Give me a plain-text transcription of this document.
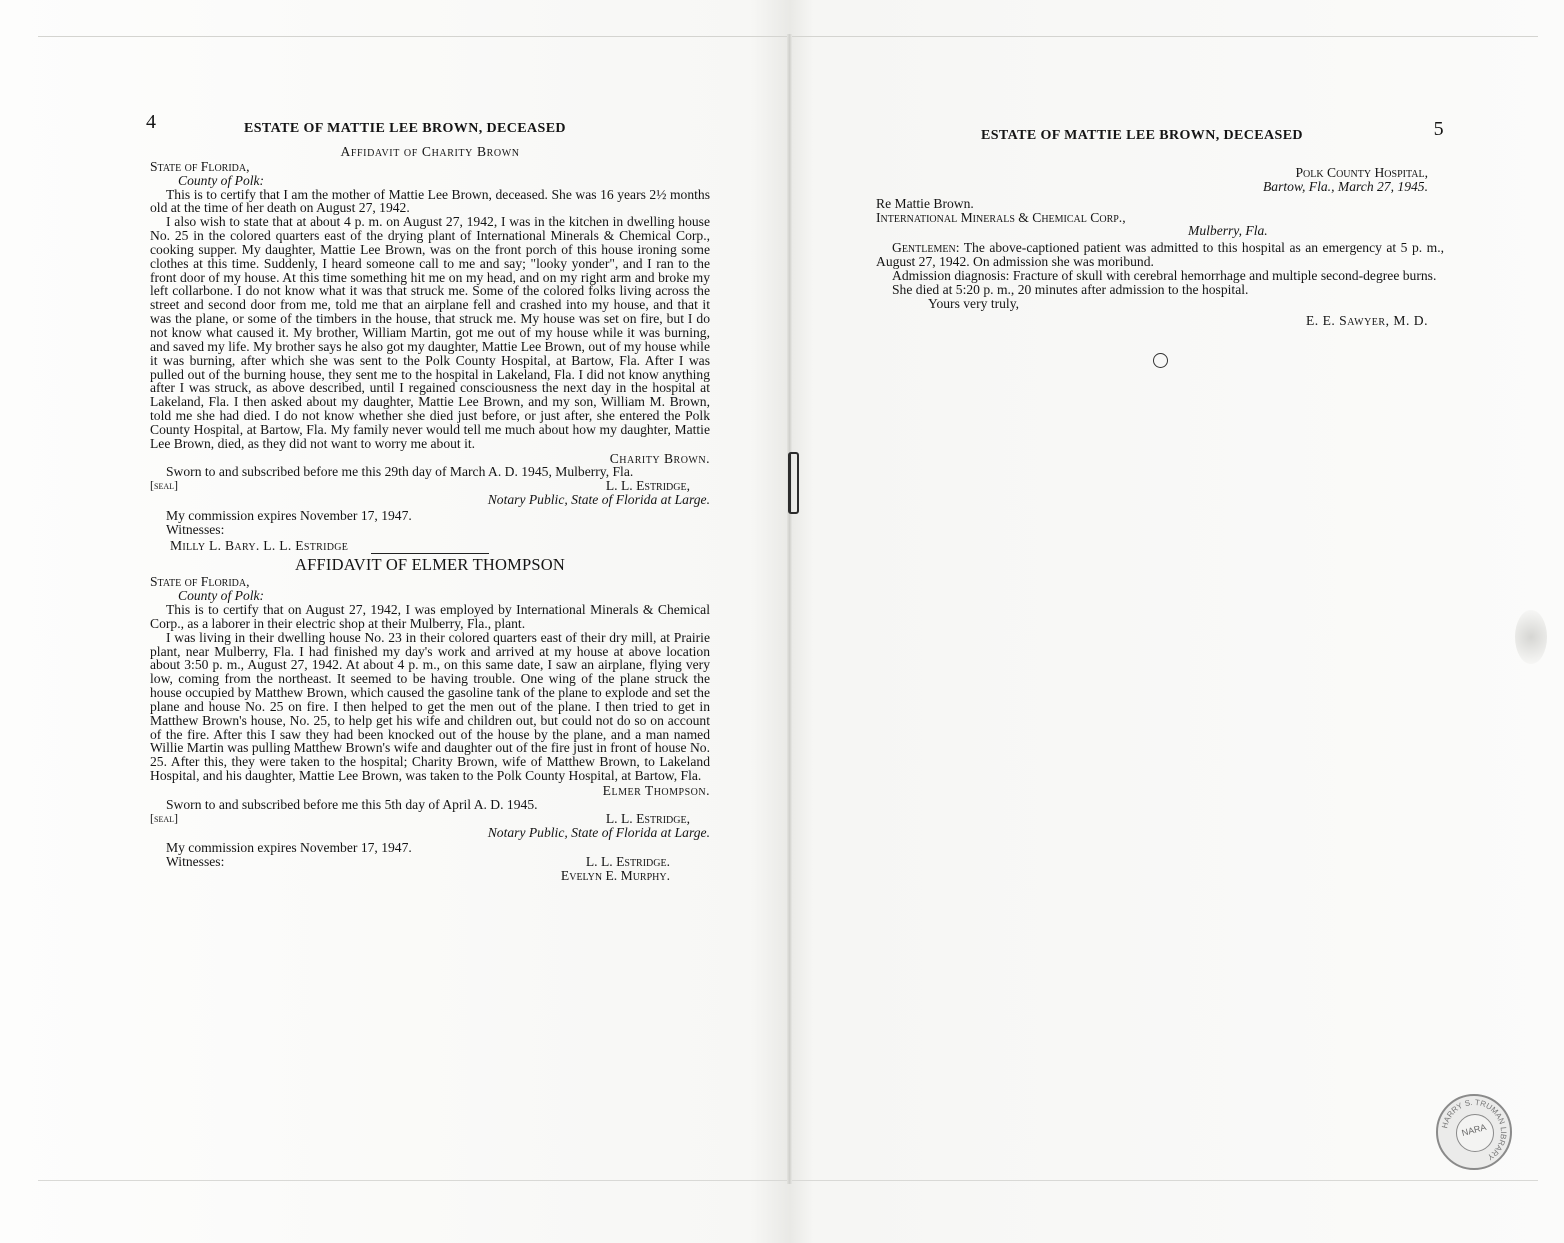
4	ESTATE OF MATTIE LEE BROWN, DECEASED
Affidavit of Charity Brown
State of Florida,
County of Polk:

This is to certify that I am the mother of Mattie Lee Brown, deceased. She was 16 years 2½ months old at the time of her death on August 27, 1942.

I also wish to state that at about 4 p. m. on August 27, 1942, I was in the kitchen in dwelling house No. 25 in the colored quarters east of the drying plant of International Minerals & Chemical Corp., cooking supper. My daughter, Mattie Lee Brown, was on the front porch of this house ironing some clothes at this time. Suddenly, I heard someone call to me and say; "looky yonder", and I ran to the front door of my house. At this time something hit me on my head, and on my right arm and broke my left collarbone. I do not know what it was that struck me. Some of the colored folks living across the street and second door from me, told me that an airplane fell and crashed into my house, and that it was the plane, or some of the timbers in the house, that struck me. My house was set on fire, but I do not know what caused it. My brother, William Martin, got me out of my house while it was burning, and saved my life. My brother says he also got my daughter, Mattie Lee Brown, out of my house while it was burning, after which she was sent to the Polk County Hospital, at Bartow, Fla. After I was pulled out of the burning house, they sent me to the hospital in Lakeland, Fla. I did not know anything after I was struck, as above described, until I regained consciousness the next day in the hospital at Lakeland, Fla. I then asked about my daughter, Mattie Lee Brown, and my son, William M. Brown, told me she had died. I do not know whether she died just before, or just after, she entered the Polk County Hospital, at Bartow, Fla. My family never would tell me much about how my daughter, Mattie Lee Brown, died, as they did not want to worry me about it.

Charity Brown.

Sworn to and subscribed before me this 29th day of March A. D. 1945, Mulberry, Fla.

[seal]	L. L. Estridge,
Notary Public, State of Florida at Large.

My commission expires November 17, 1947.

Witnesses:

Milly L. Bary. L. L. Estridge
AFFIDAVIT OF ELMER THOMPSON
State of Florida,
County of Polk:

This is to certify that on August 27, 1942, I was employed by International Minerals & Chemical Corp., as a laborer in their electric shop at their Mulberry, Fla., plant.

I was living in their dwelling house No. 23 in their colored quarters east of their dry mill, at Prairie plant, near Mulberry, Fla. I had finished my day's work and arrived at my house at above location about 3:50 p. m., August 27, 1942. At about 4 p. m., on this same date, I saw an airplane, flying very low, coming from the northeast. It seemed to be having trouble. One wing of the plane struck the house occupied by Matthew Brown, which caused the gasoline tank of the plane to explode and set the plane and house No. 25 on fire. I then helped to get the men out of the plane. I then tried to get in Matthew Brown's house, No. 25, to help get his wife and children out, but could not do so on account of the fire. After this I saw they had been knocked out of the house by the plane, and a man named Willie Martin was pulling Matthew Brown's wife and daughter out of the fire just in front of house No. 25. After this, they were taken to the hospital; Charity Brown, wife of Matthew Brown, to Lakeland Hospital, and his daughter, Mattie Lee Brown, was taken to the Polk County Hospital, at Bartow, Fla.

Elmer Thompson.

Sworn to and subscribed before me this 5th day of April A. D. 1945.

[seal]	L. L. Estridge,
Notary Public, State of Florida at Large.

My commission expires November 17, 1947.

Witnesses:	L. L. Estridge.
Evelyn E. Murphy.
ESTATE OF MATTIE LEE BROWN, DECEASED	5
Polk County Hospital,
Bartow, Fla., March 27, 1945.
Re Mattie Brown.
International Minerals & Chemical Corp.,
Mulberry, Fla.

Gentlemen: The above-captioned patient was admitted to this hospital as an emergency at 5 p. m., August 27, 1942. On admission she was moribund.

Admission diagnosis: Fracture of skull with cerebral hemorrhage and multiple second-degree burns.

She died at 5:20 p. m., 20 minutes after admission to the hospital.

Yours very truly,
E. E. Sawyer, M. D.
HARRY S. TRUMAN LIBRARY
NARA
